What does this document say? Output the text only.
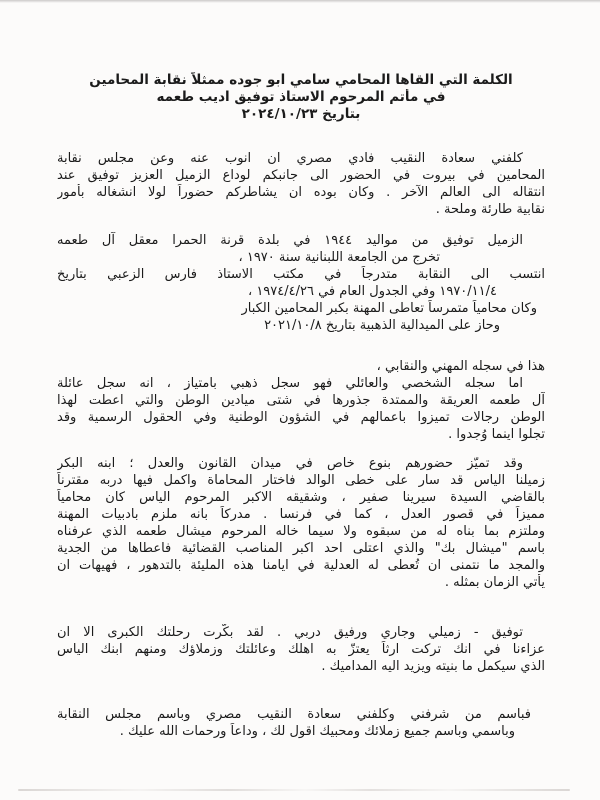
الكلمة التي القاها المحامي سامي ابو جوده ممثلاً نقابة المحامين
في مأتم المرحوم الاستاذ توفيق اديب طعمه
بتاريخ ٢٠٢٤/١٠/٢٣
كلفني سعادة النقيب فادي مصري ان انوب عنه وعن مجلس نقابة
المحامين في بيروت في الحضور الى جانبكم لوداع الزميل العزيز توفيق عند
انتقاله الى العالم الآخر . وكان بوده ان يشاطركم حضوراً لولا انشغاله بأمور
نقابية طارئة وملحة .
الزميل توفيق من مواليد ١٩٤٤ في بلدة قرنة الحمرا معقل آل طعمه
تخرج من الجامعة اللبنانية سنة ١٩٧٠ ،
انتسب الى النقابة متدرجاً في مكتب الاستاذ فارس الزعبي بتاريخ
١٩٧٠/١١/٤ وفي الجدول العام في ١٩٧٤/٤/٢٦ ،
وكان محامياً متمرساً تعاطى المهنة بكبر المحامين الكبار
وحاز على الميدالية الذهبية بتاريخ ٢٠٢١/١٠/٨
هذا في سجله المهني والنقابي ،
اما سجله الشخصي والعائلي فهو سجل ذهبي بامتياز ، انه سجل عائلة
آل طعمه العريقة والممتدة جذورها في شتى ميادين الوطن والتي اعطت لهذا
الوطن رجالات تميزوا باعمالهم في الشؤون الوطنية وفي الحقول الرسمية وقد
تجلوا اينما وُجدوا .
وقد تميّز حضورهم بنوع خاص في ميدان القانون والعدل ؛ ابنه البكر
زميلنا الياس قد سار على خطى الوالد فاختار المحاماة واكمل فيها دربه مقترناً
بالقاضي السيدة سيرينا صفير ، وشقيقه الاكبر المرحوم الياس كان محامياً
مميزاً في قصور العدل ، كما في فرنسا . مدركاً بانه ملزم بادبيات المهنة
وملتزم بما بناه له من سبقوه ولا سيما خاله المرحوم ميشال طعمه الذي عرفناه
باسم "ميشال بك" والذي اعتلى احد اكبر المناصب القضائية فاعطاها من الجدية
والمجد ما نتمنى ان تُعطى له العدلية في ايامنا هذه المليئة بالتدهور ، فهيهات ان
يأتي الزمان بمثله .
توفيق - زميلي وجاري ورفيق دربي . لقد بكّرت رحلتك الكبرى الا ان
عزاءنا في انك تركت ارثاً يعتزّ به اهلك وعائلتك وزملاؤك ومنهم ابنك الياس
الذي سيكمل ما بنيته ويزيد اليه المداميك .
فباسم من شرفني وكلفني سعادة النقيب مصري وباسم مجلس النقابة
وباسمي وباسم جميع زملائك ومحبيك اقول لك ، وداعاً ورحمات الله عليك .
